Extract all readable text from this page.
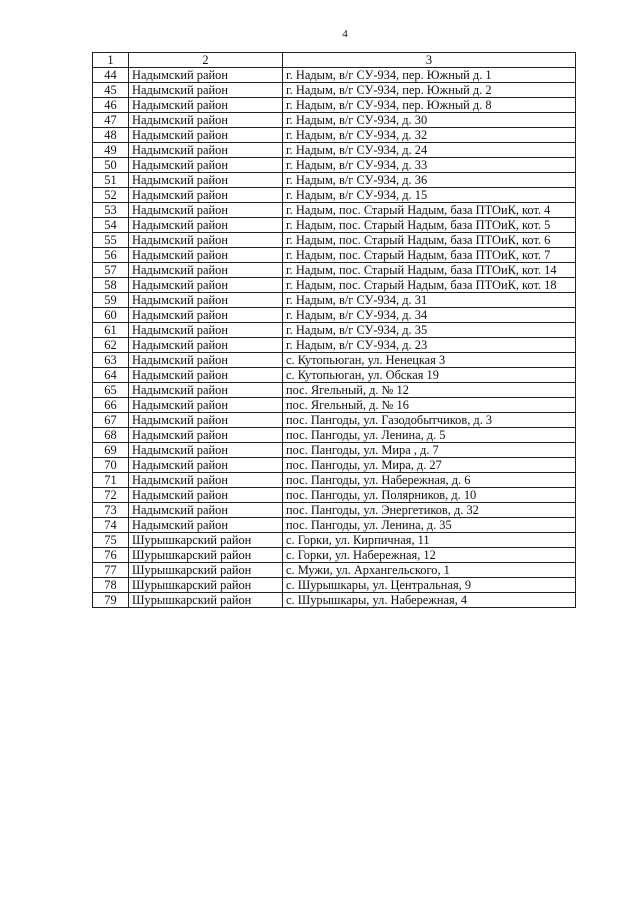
4
1	2	3
44	Надымский район	г. Надым, в/г СУ-934, пер. Южный д. 1
45	Надымский район	г. Надым, в/г СУ-934, пер. Южный д. 2
46	Надымский район	г. Надым, в/г СУ-934, пер. Южный д. 8
47	Надымский район	г. Надым, в/г СУ-934, д. 30
48	Надымский район	г. Надым, в/г СУ-934, д. 32
49	Надымский район	г. Надым, в/г СУ-934, д. 24
50	Надымский район	г. Надым, в/г СУ-934, д. 33
51	Надымский район	г. Надым, в/г СУ-934, д. 36
52	Надымский район	г. Надым, в/г СУ-934, д. 15
53	Надымский район	г. Надым, пос. Старый Надым, база ПТОиК, кот. 4
54	Надымский район	г. Надым, пос. Старый Надым, база ПТОиК, кот. 5
55	Надымский район	г. Надым, пос. Старый Надым, база ПТОиК, кот. 6
56	Надымский район	г. Надым, пос. Старый Надым, база ПТОиК, кот. 7
57	Надымский район	г. Надым, пос. Старый Надым, база ПТОиК, кот. 14
58	Надымский район	г. Надым, пос. Старый Надым, база ПТОиК, кот. 18
59	Надымский район	г. Надым, в/г СУ-934, д. 31
60	Надымский район	г. Надым, в/г СУ-934, д. 34
61	Надымский район	г. Надым, в/г СУ-934, д. 35
62	Надымский район	г. Надым, в/г СУ-934, д. 23
63	Надымский район	с. Кутопьюган, ул. Ненецкая 3
64	Надымский район	с. Кутопьюган, ул. Обская 19
65	Надымский район	пос. Ягельный, д. № 12
66	Надымский район	пос. Ягельный, д. № 16
67	Надымский район	пос. Пангоды, ул. Газодобытчиков, д. 3
68	Надымский район	пос. Пангоды, ул. Ленина, д. 5
69	Надымский район	пос. Пангоды, ул. Мира , д. 7
70	Надымский район	пос. Пангоды, ул. Мира, д. 27
71	Надымский район	пос. Пангоды, ул. Набережная, д. 6
72	Надымский район	пос. Пангоды, ул. Полярников, д. 10
73	Надымский район	пос. Пангоды, ул. Энергетиков, д. 32
74	Надымский район	пос. Пангоды, ул. Ленина, д. 35
75	Шурышкарский район	с. Горки, ул. Кирпичная, 11
76	Шурышкарский район	с. Горки, ул. Набережная, 12
77	Шурышкарский район	с. Мужи, ул. Архангельского, 1
78	Шурышкарский район	с. Шурышкары, ул. Центральная, 9
79	Шурышкарский район	с. Шурышкары, ул. Набережная, 4
